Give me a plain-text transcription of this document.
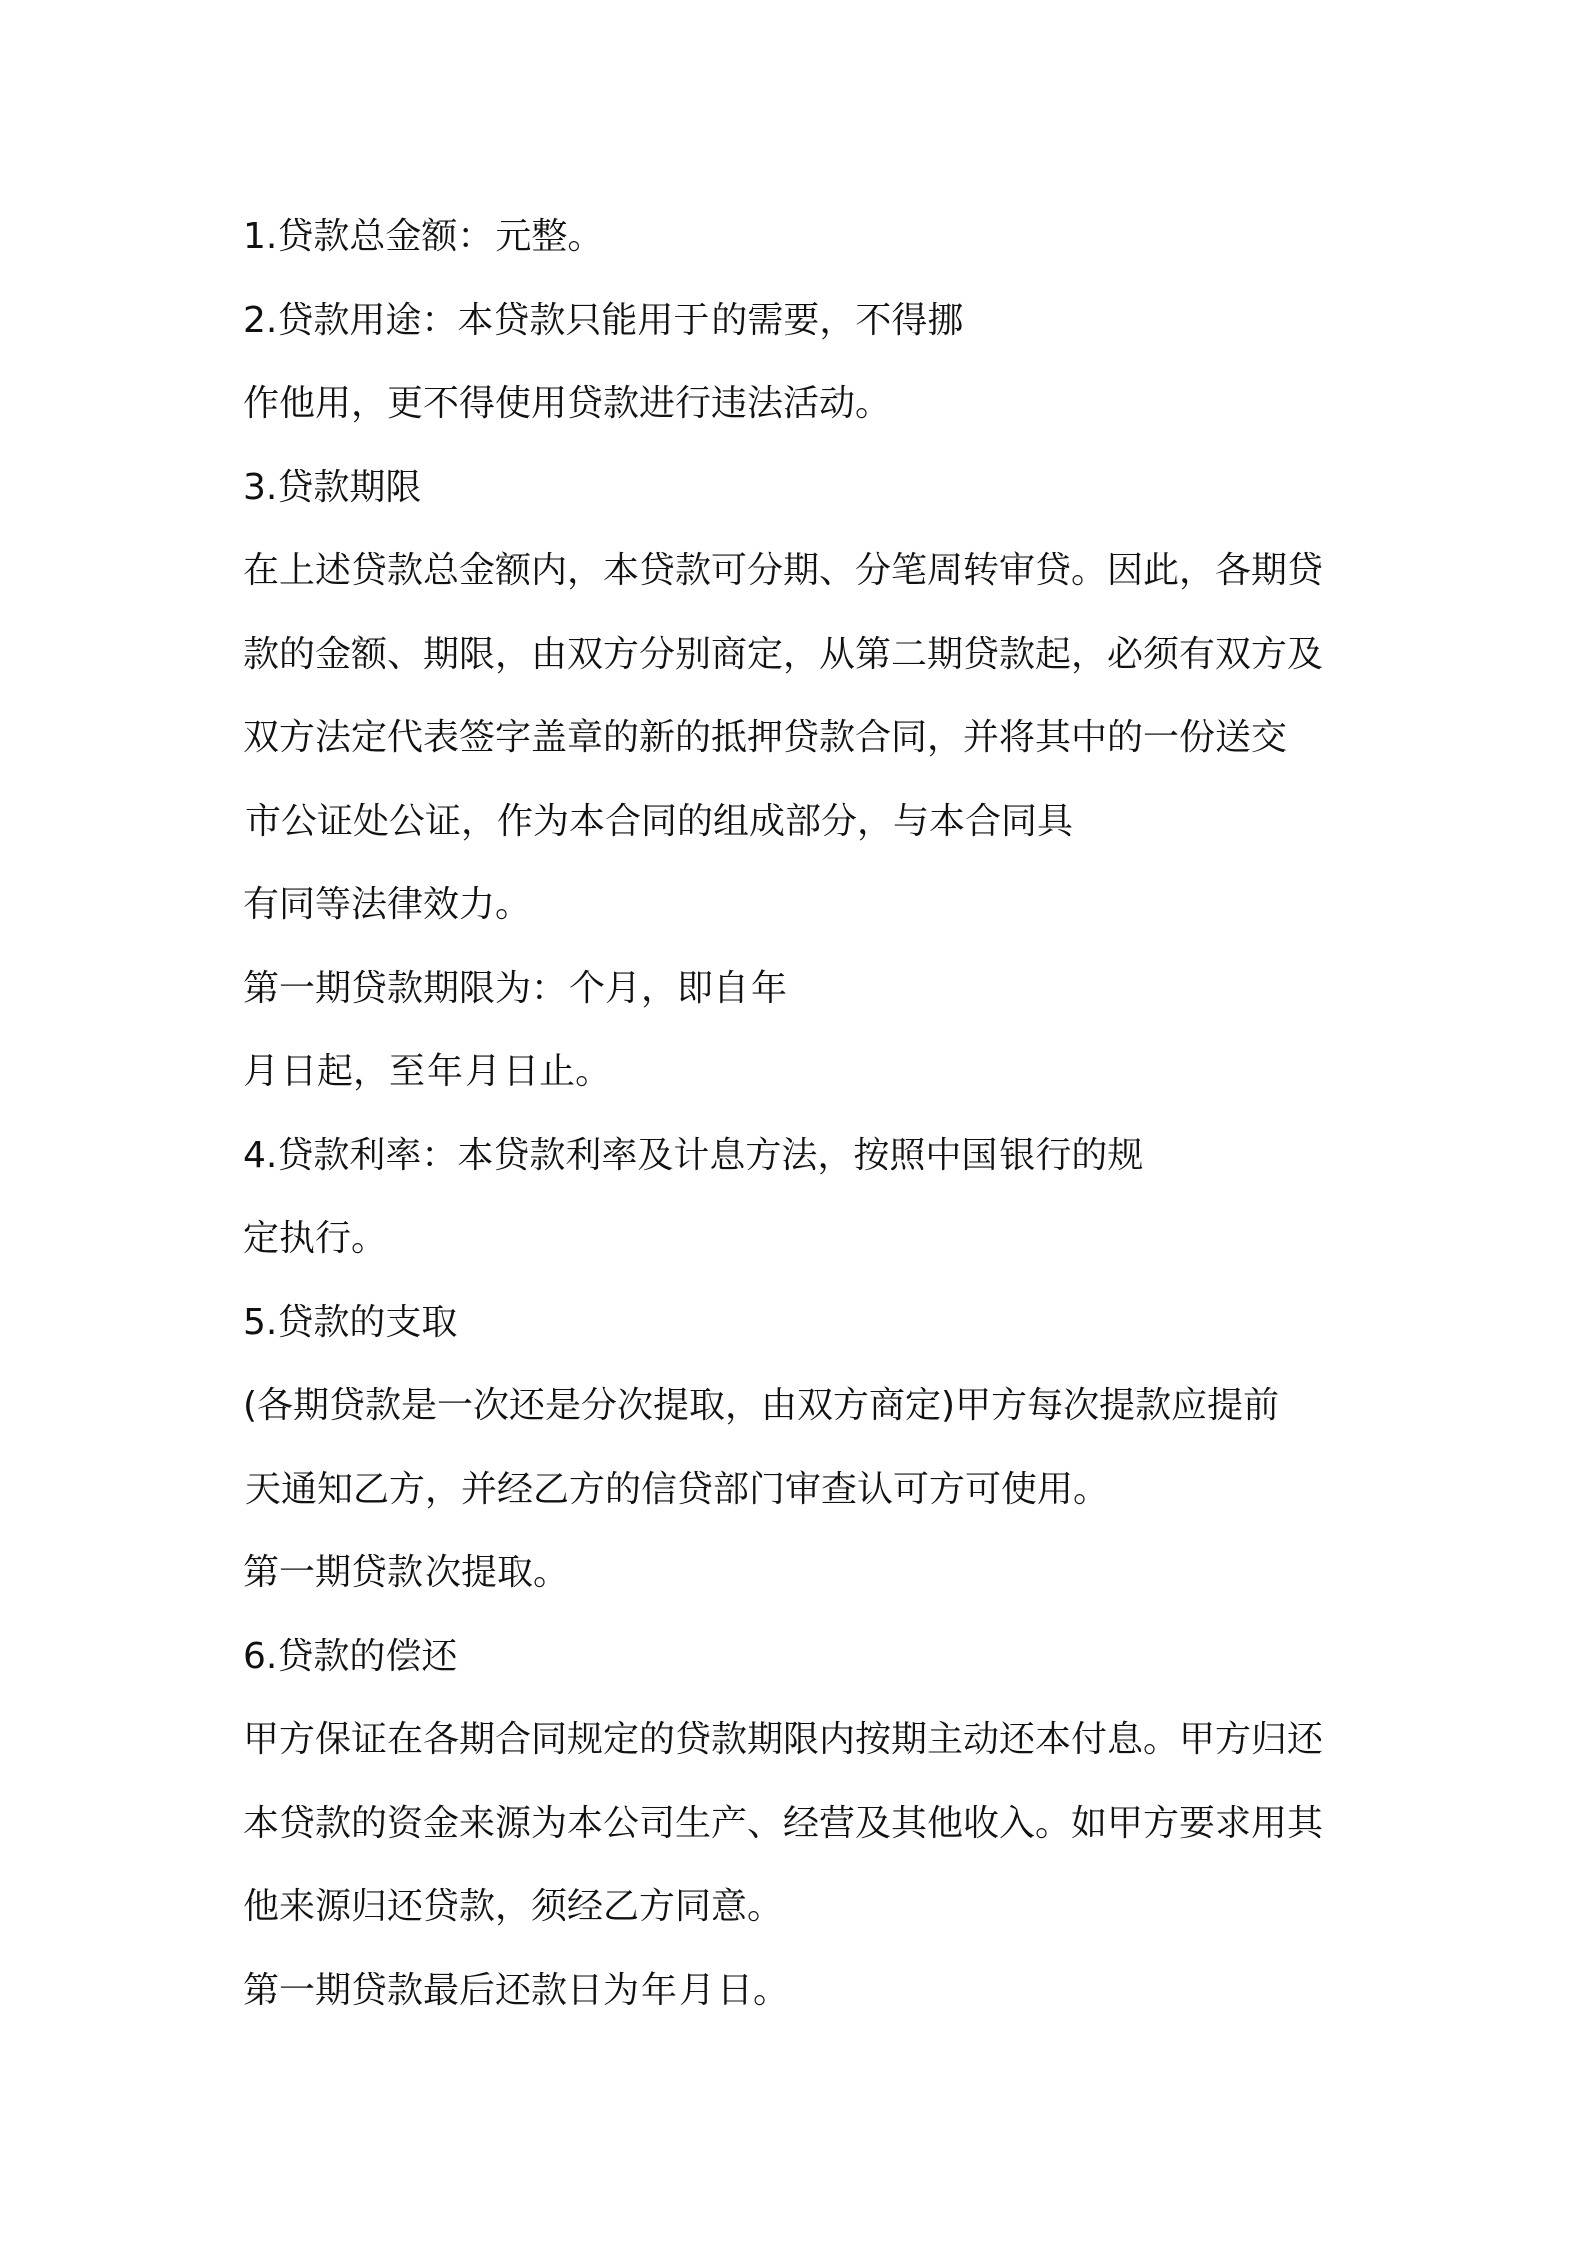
1.贷款总金额：元整。
2.贷款用途：本贷款只能用于的需要，不得挪
作他用，更不得使用贷款进行违法活动。
3.贷款期限
在上述贷款总金额内，本贷款可分期、分笔周转审贷。因此，各期贷
款的金额、期限，由双方分别商定，从第二期贷款起，必须有双方及
双方法定代表签字盖章的新的抵押贷款合同，并将其中的一份送交
市公证处公证，作为本合同的组成部分，与本合同具
有同等法律效力。
第一期贷款期限为：个月，即自年
月日起，至年月日止。
4.贷款利率：本贷款利率及计息方法，按照中国银行的规
定执行。
5.贷款的支取
(各期贷款是一次还是分次提取，由双方商定)甲方每次提款应提前
天通知乙方，并经乙方的信贷部门审查认可方可使用。
第一期贷款次提取。
6.贷款的偿还
甲方保证在各期合同规定的贷款期限内按期主动还本付息。甲方归还
本贷款的资金来源为本公司生产、经营及其他收入。如甲方要求用其
他来源归还贷款，须经乙方同意。
第一期贷款最后还款日为年月日。
